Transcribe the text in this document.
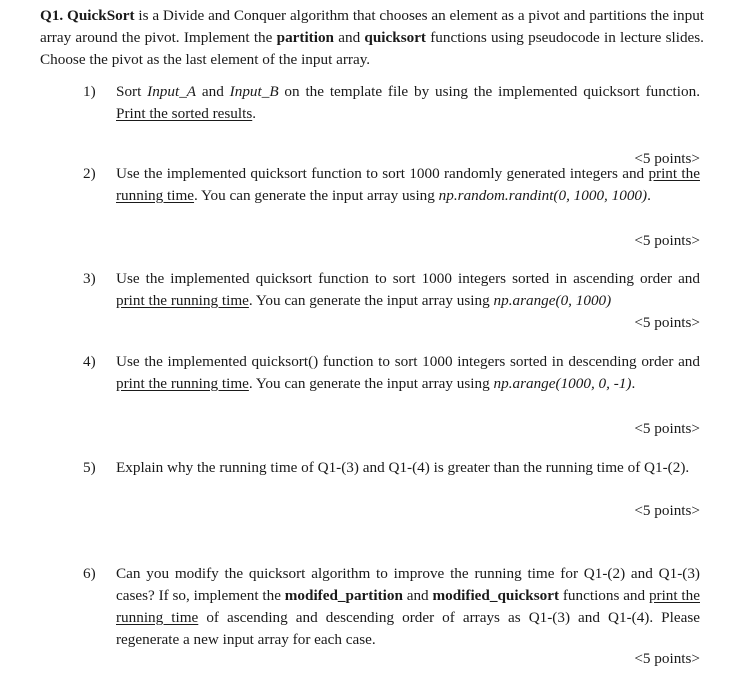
Q1. QuickSort is a Divide and Conquer algorithm that chooses an element as a pivot and partitions the input array around the pivot. Implement the partition and quicksort functions using pseudocode in lecture slides. Choose the pivot as the last element of the input array.
1)	Sort Input_A and Input_B on the template file by using the implemented quicksort function. Print the sorted results.
<5 points>
2)	Use the implemented quicksort function to sort 1000 randomly generated integers and print the running time. You can generate the input array using np.random.randint(0, 1000, 1000).
<5 points>
3)	Use the implemented quicksort function to sort 1000 integers sorted in ascending order and print the running time. You can generate the input array using np.arange(0, 1000)
<5 points>
4)	Use the implemented quicksort() function to sort 1000 integers sorted in descending order and print the running time. You can generate the input array using np.arange(1000, 0, -1).
<5 points>
5)	Explain why the running time of Q1-(3) and Q1-(4) is greater than the running time of Q1-(2).
<5 points>
6)	Can you modify the quicksort algorithm to improve the running time for Q1-(2) and Q1-(3) cases? If so, implement the modifed_partition and modified_quicksort functions and print the running time of ascending and descending order of arrays as Q1-(3) and Q1-(4). Please regenerate a new input array for each case.
<5 points>
